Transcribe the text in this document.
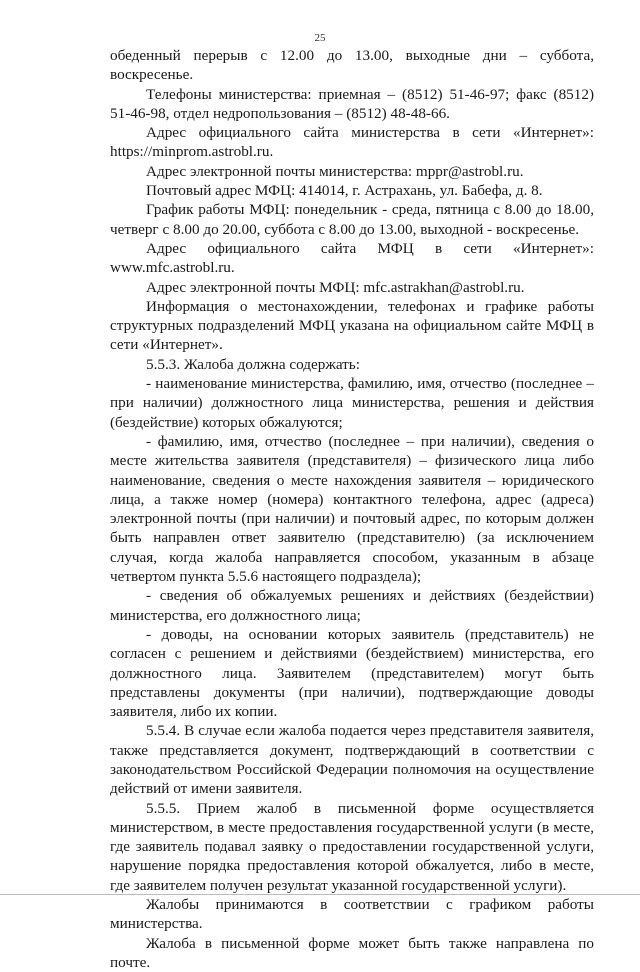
25

обеденный перерыв с 12.00 до 13.00, выходные дни – суббота, воскресенье.

Телефоны министерства: приемная – (8512) 51-46-97; факс (8512) 51-46-98, отдел недропользования – (8512) 48-48-66.

Адрес официального сайта министерства в сети «Интернет»: https://minprom.astrobl.ru.

Адрес электронной почты министерства: mppr@astrobl.ru.

Почтовый адрес МФЦ: 414014, г. Астрахань, ул. Бабефа, д. 8.

График работы МФЦ: понедельник - среда, пятница с 8.00 до 18.00, четверг с 8.00 до 20.00, суббота с 8.00 до 13.00, выходной - воскресенье.

Адрес официального сайта МФЦ в сети «Интернет»: www.mfc.astrobl.ru.

Адрес электронной почты МФЦ: mfc.astrakhan@astrobl.ru.

Информация о местонахождении, телефонах и графике работы структурных подразделений МФЦ указана на официальном сайте МФЦ в сети «Интернет».

5.5.3. Жалоба должна содержать:

- наименование министерства, фамилию, имя, отчество (последнее – при наличии) должностного лица министерства, решения и действия (бездействие) которых обжалуются;

- фамилию, имя, отчество (последнее – при наличии), сведения о месте жительства заявителя (представителя) – физического лица либо наименование, сведения о месте нахождения заявителя – юридического лица, а также номер (номера) контактного телефона, адрес (адреса) электронной почты (при наличии) и почтовый адрес, по которым должен быть направлен ответ заявителю (представителю) (за исключением случая, когда жалоба направляется способом, указанным в абзаце четвертом пункта 5.5.6 настоящего подраздела);

- сведения об обжалуемых решениях и действиях (бездействии) министерства, его должностного лица;

- доводы, на основании которых заявитель (представитель) не согласен с решением и действиями (бездействием) министерства, его должностного лица. Заявителем (представителем) могут быть представлены документы (при наличии), подтверждающие доводы заявителя, либо их копии.

5.5.4. В случае если жалоба подается через представителя заявителя, также представляется документ, подтверждающий в соответствии с законодательством Российской Федерации полномочия на осуществление действий от имени заявителя.

5.5.5. Прием жалоб в письменной форме осуществляется министерством, в месте предоставления государственной услуги (в месте, где заявитель подавал заявку о предоставлении государственной услуги, нарушение порядка предоставления которой обжалуется, либо в месте, где заявителем получен результат указанной государственной услуги).

Жалобы принимаются в соответствии с графиком работы министерства.

Жалоба в письменной форме может быть также направлена по почте.
